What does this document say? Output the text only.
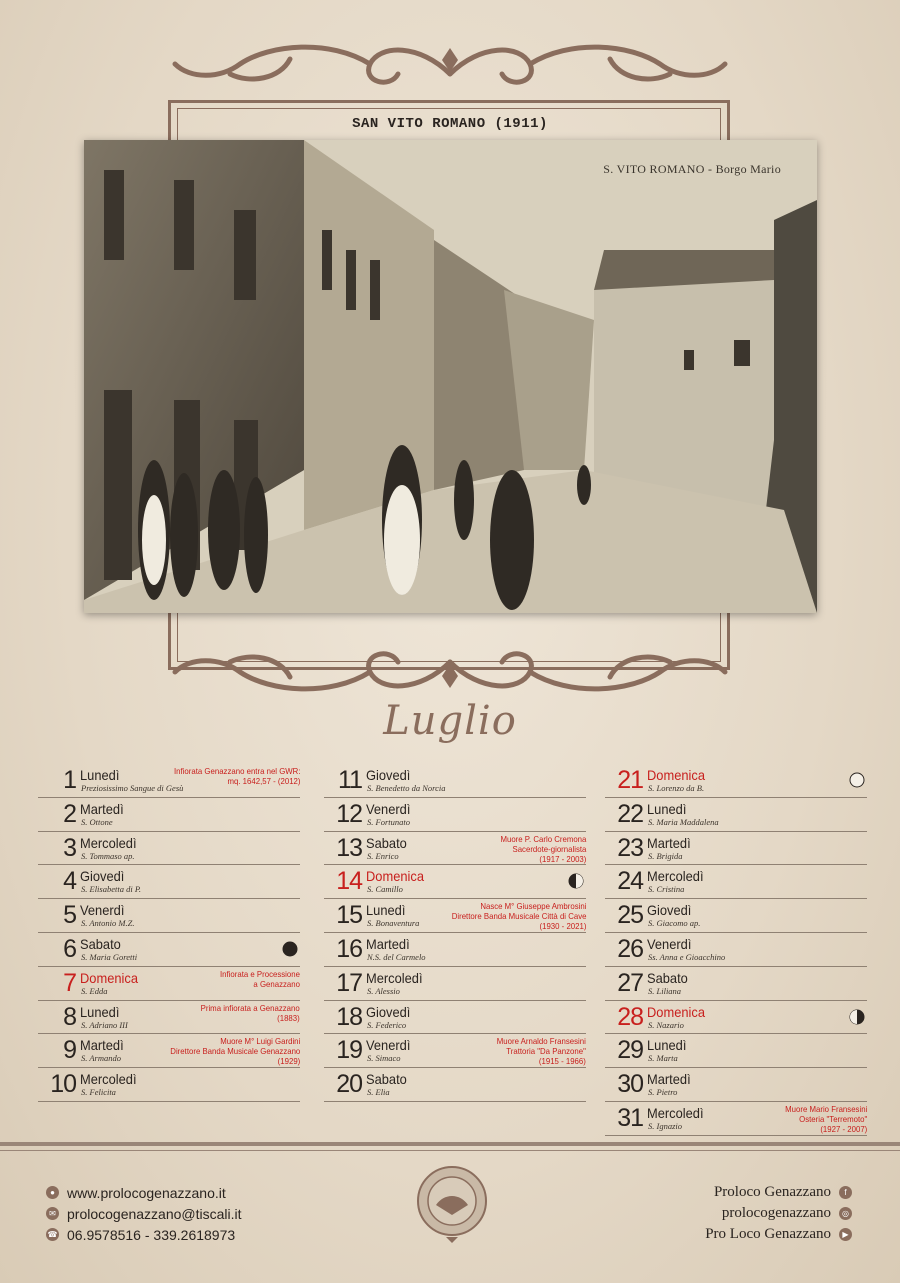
SAN VITO ROMANO (1911)
S. VITO ROMANO - Borgo Mario
Luglio
1 Lunedì
Preziosissimo Sangue di Gesù
Infiorata Genazzano entra nel GWR:
mq. 1642,57 - (2012)
2 Martedì
S. Ottone
3 Mercoledì
S. Tommaso ap.
4 Giovedì
S. Elisabetta di P.
5 Venerdì
S. Antonio M.Z.
6 Sabato
S. Maria Goretti
7 Domenica
S. Edda
Infiorata e Processione
a Genazzano
8 Lunedì
S. Adriano III
Prima infiorata a Genazzano
(1883)
9 Martedì
S. Armando
Muore M° Luigi Gardini
Direttore Banda Musicale Genazzano
(1929)
10 Mercoledì
S. Felicita
11 Giovedì
S. Benedetto da Norcia
12 Venerdì
S. Fortunato
13 Sabato
S. Enrico
Muore P. Carlo Cremona
Sacerdote-giornalista
(1917 - 2003)
14 Domenica
S. Camillo
15 Lunedì
S. Bonaventura
Nasce M° Giuseppe Ambrosini
Direttore Banda Musicale Città di Cave
(1930 - 2021)
16 Martedì
N.S. del Carmelo
17 Mercoledì
S. Alessio
18 Giovedì
S. Federico
19 Venerdì
S. Simaco
Muore Arnaldo Fransesini
Trattoria "Da Panzone"
(1915 - 1966)
20 Sabato
S. Elia
21 Domenica
S. Lorenzo da B.
22 Lunedì
S. Maria Maddalena
23 Martedì
S. Brigida
24 Mercoledì
S. Cristina
25 Giovedì
S. Giacomo ap.
26 Venerdì
Ss. Anna e Gioacchino
27 Sabato
S. Liliana
28 Domenica
S. Nazario
29 Lunedì
S. Marta
30 Martedì
S. Pietro
31 Mercoledì
S. Ignazio
Muore Mario Fransesini
Osteria "Terremoto"
(1927 - 2007)
● www.prolocogenazzano.it
✉ prolocogenazzano@tiscali.it
☎ 06.9578516 - 339.2618973
Proloco Genazzano	f
prolocogenazzano	◎
Pro Loco Genazzano	▶
